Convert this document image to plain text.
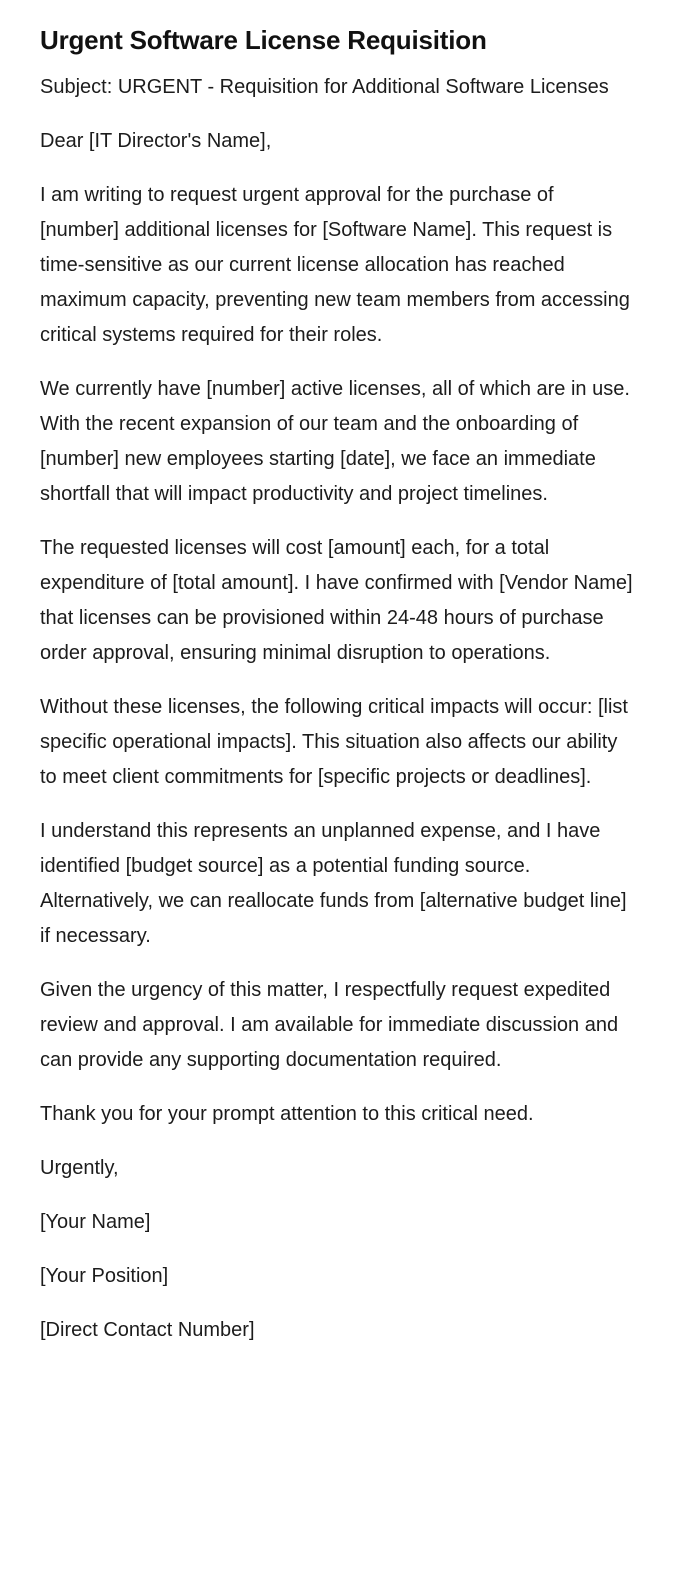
Urgent Software License Requisition

Subject: URGENT - Requisition for Additional Software Licenses

Dear [IT Director's Name],

I am writing to request urgent approval for the purchase of [number] additional licenses for [Software Name]. This request is time-sensitive as our current license allocation has reached maximum capacity, preventing new team members from accessing critical systems required for their roles.

We currently have [number] active licenses, all of which are in use. With the recent expansion of our team and the onboarding of [number] new employees starting [date], we face an immediate shortfall that will impact productivity and project timelines.

The requested licenses will cost [amount] each, for a total expenditure of [total amount]. I have confirmed with [Vendor Name] that licenses can be provisioned within 24-48 hours of purchase order approval, ensuring minimal disruption to operations.

Without these licenses, the following critical impacts will occur: [list specific operational impacts]. This situation also affects our ability to meet client commitments for [specific projects or deadlines].

I understand this represents an unplanned expense, and I have identified [budget source] as a potential funding source. Alternatively, we can reallocate funds from [alternative budget line] if necessary.

Given the urgency of this matter, I respectfully request expedited review and approval. I am available for immediate discussion and can provide any supporting documentation required.

Thank you for your prompt attention to this critical need.

Urgently,

[Your Name]

[Your Position]

[Direct Contact Number]
